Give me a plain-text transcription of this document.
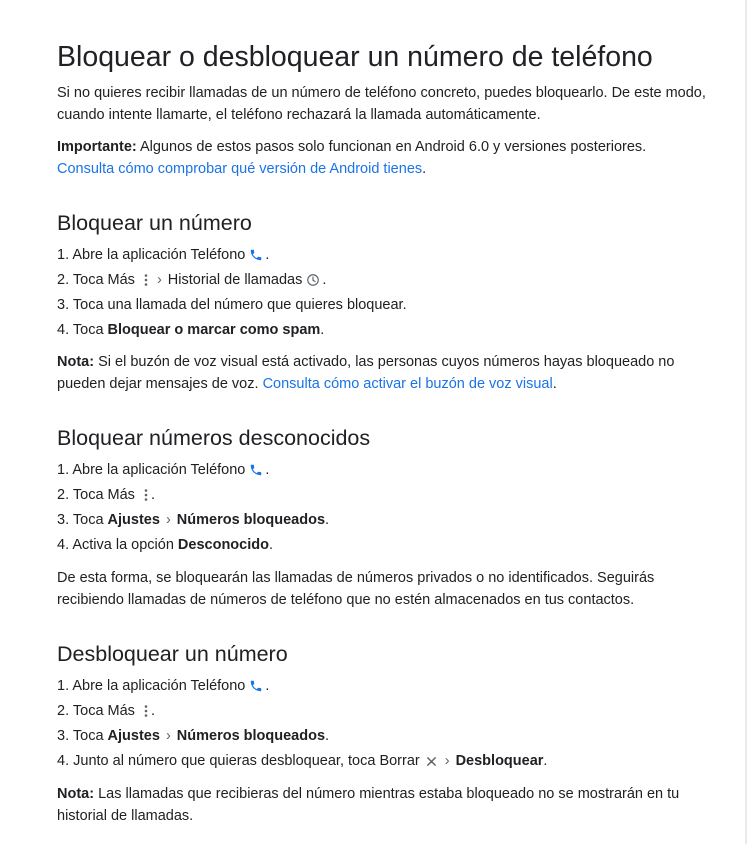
Bloquear o desbloquear un número de teléfono

Si no quieres recibir llamadas de un número de teléfono concreto, puedes bloquearlo. De este modo, cuando intente llamarte, el teléfono rechazará la llamada automáticamente.

Importante: Algunos de estos pasos solo funcionan en Android 6.0 y versiones posteriores.
Consulta cómo comprobar qué versión de Android tienes.

Bloquear un número
1. Abre la aplicación Teléfono .
2. Toca Más › Historial de llamadas .
3. Toca una llamada del número que quieres bloquear.
4. Toca Bloquear o marcar como spam.

Nota: Si el buzón de voz visual está activado, las personas cuyos números hayas bloqueado no pueden dejar mensajes de voz. Consulta cómo activar el buzón de voz visual.

Bloquear números desconocidos
1. Abre la aplicación Teléfono .
2. Toca Más .
3. Toca Ajustes › Números bloqueados.
4. Activa la opción Desconocido.

De esta forma, se bloquearán las llamadas de números privados o no identificados. Seguirás recibiendo llamadas de números de teléfono que no estén almacenados en tus contactos.

Desbloquear un número
1. Abre la aplicación Teléfono .
2. Toca Más .
3. Toca Ajustes › Números bloqueados.
4. Junto al número que quieras desbloquear, toca Borrar › Desbloquear.

Nota: Las llamadas que recibieras del número mientras estaba bloqueado no se mostrarán en tu historial de llamadas.
